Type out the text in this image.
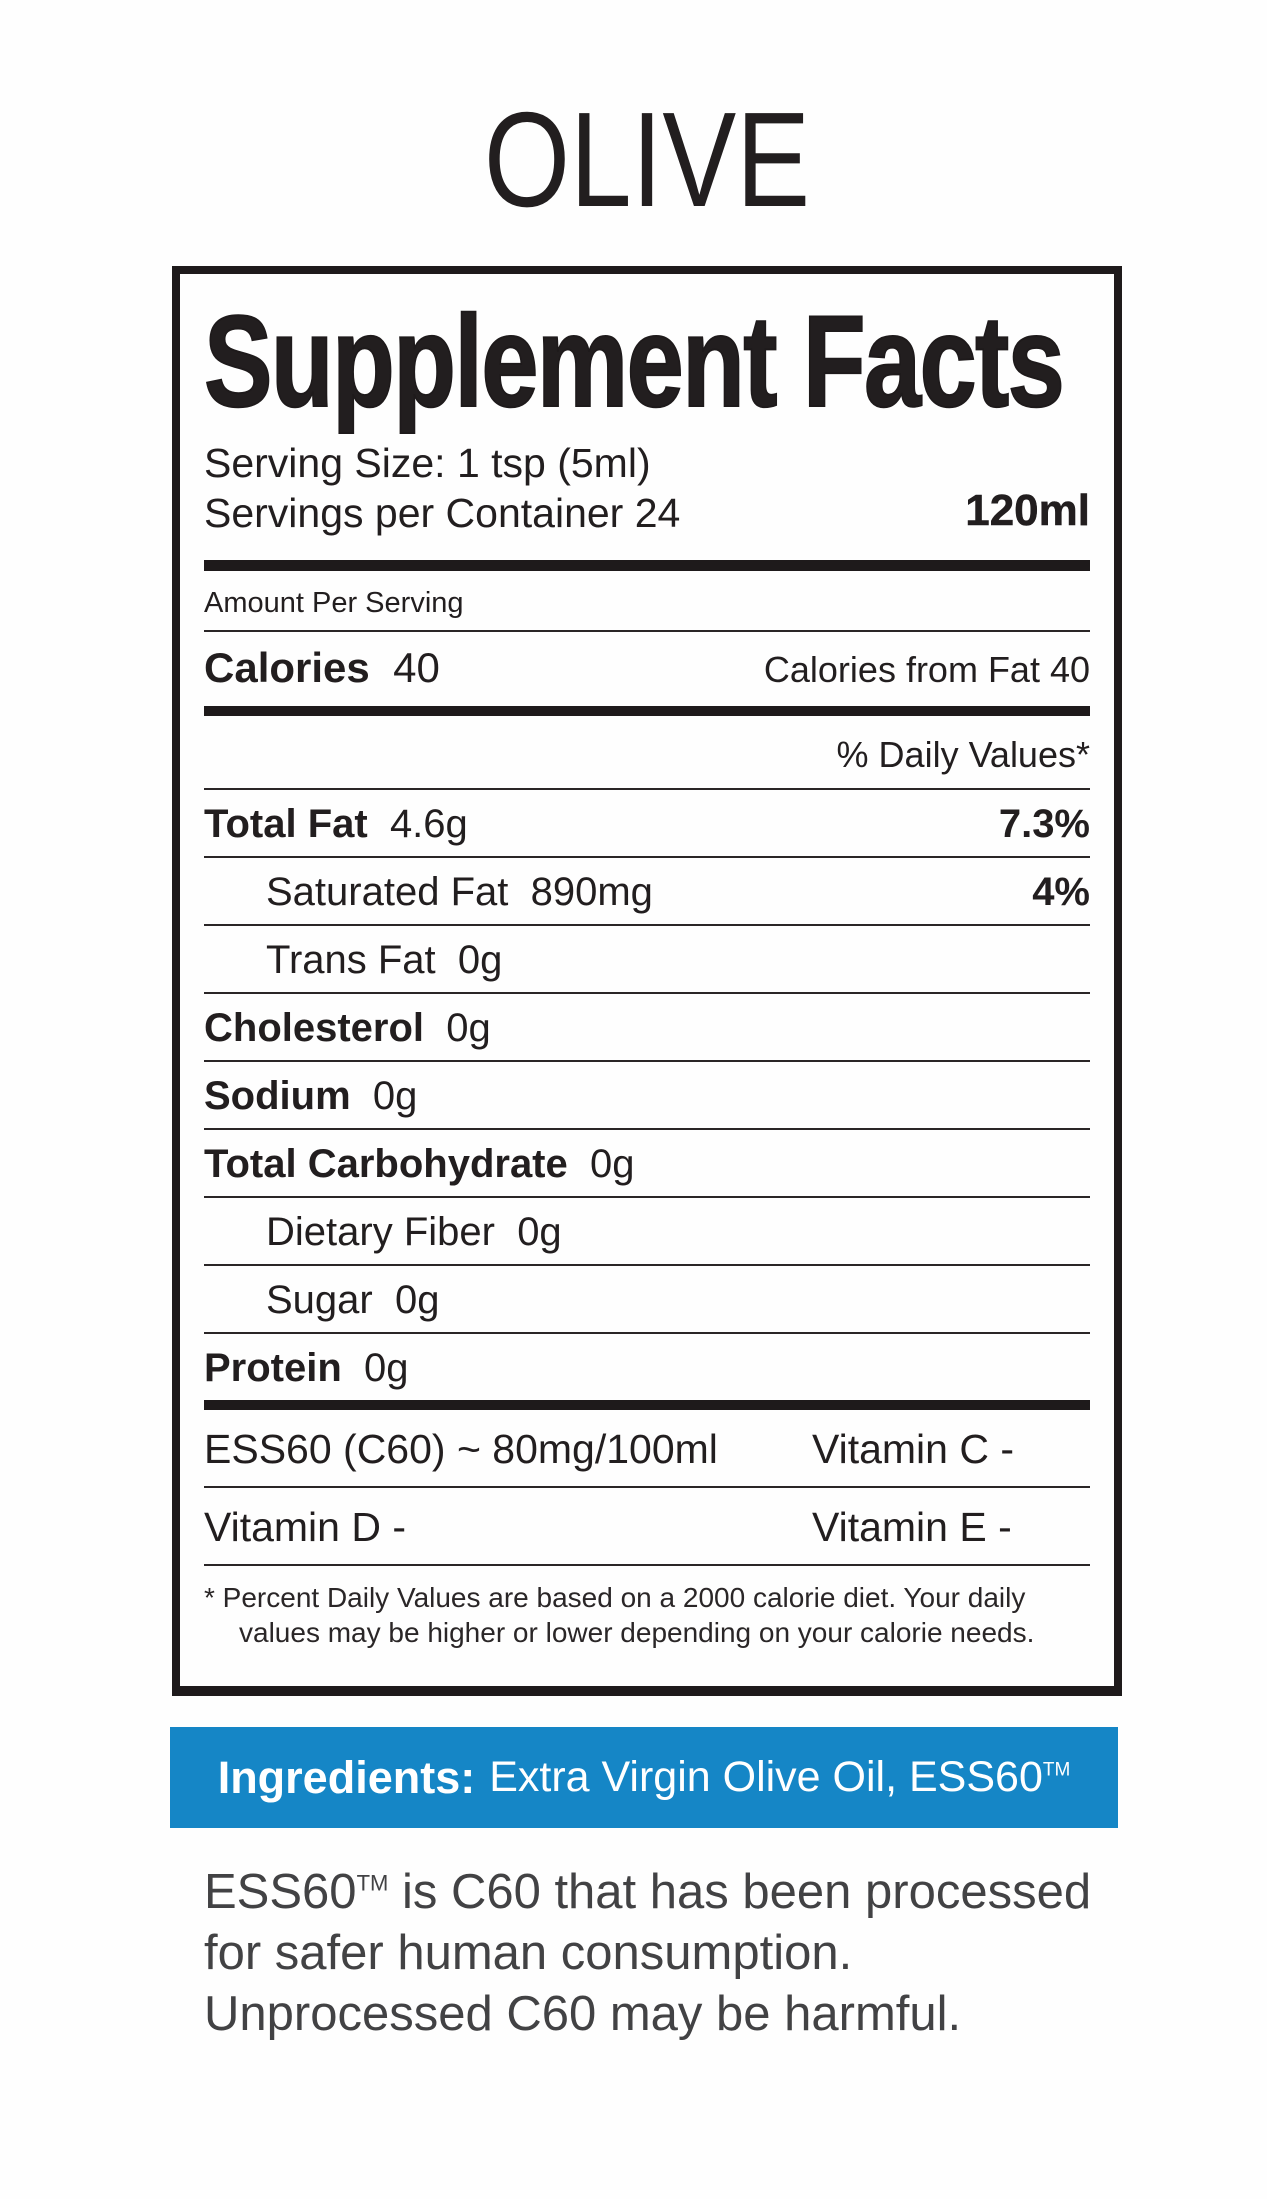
OLIVE
Supplement Facts
Serving Size: 1 tsp (5ml)
Servings per Container 24	120ml
Amount Per Serving
Calories 40	Calories from Fat 40
% Daily Values*
Total Fat 4.6g	7.3%
Saturated Fat 890mg	4%
Trans Fat 0g
Cholesterol 0g
Sodium 0g
Total Carbohydrate 0g
Dietary Fiber 0g
Sugar 0g
Protein 0g
ESS60 (C60) ~ 80mg/100ml	Vitamin C -
Vitamin D -	Vitamin E -
* Percent Daily Values are based on a 2000 calorie diet. Your daily
values may be higher or lower depending on your calorie needs.
Ingredients: Extra Virgin Olive Oil, ESS60™
ESS60™ is C60 that has been processed
for safer human consumption.
Unprocessed C60 may be harmful.
